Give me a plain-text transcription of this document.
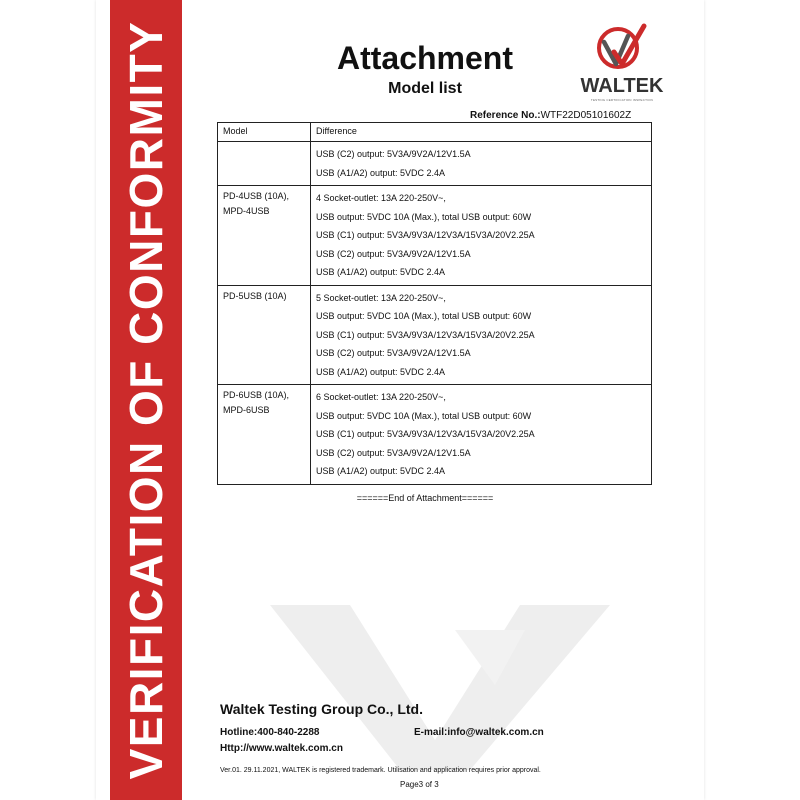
VERIFICATION OF CONFORMITY	Attachment
Model list	WALTEK
TESTING CERTIFICATION INSPECTION
Reference No.:WTF22D05101602Z
Model	Difference

	USB (C2) output: 5V3A/9V2A/12V1.5A
USB (A1/A2) output: 5VDC 2.4A

PD-4USB (10A), MPD-4USB	4 Socket-outlet: 13A 220-250V~,
USB output: 5VDC 10A (Max.), total USB output: 60W
USB (C1) output: 5V3A/9V3A/12V3A/15V3A/20V2.25A
USB (C2) output: 5V3A/9V2A/12V1.5A
USB (A1/A2) output: 5VDC 2.4A

PD-5USB (10A)	5 Socket-outlet: 13A 220-250V~,
USB output: 5VDC 10A (Max.), total USB output: 60W
USB (C1) output: 5V3A/9V3A/12V3A/15V3A/20V2.25A
USB (C2) output: 5V3A/9V2A/12V1.5A
USB (A1/A2) output: 5VDC 2.4A

PD-6USB (10A), MPD-6USB	6 Socket-outlet: 13A 220-250V~,
USB output: 5VDC 10A (Max.), total USB output: 60W
USB (C1) output: 5V3A/9V3A/12V3A/15V3A/20V2.25A
USB (C2) output: 5V3A/9V2A/12V1.5A
USB (A1/A2) output: 5VDC 2.4A
======End of Attachment======
Waltek Testing Group Co., Ltd.
Hotline:400-840-2288	E-mail:info@waltek.com.cn
Http://www.waltek.com.cn
Ver.01. 29.11.2021, WALTEK is registered trademark. Utilisation and application requires prior approval.
Page3 of 3
